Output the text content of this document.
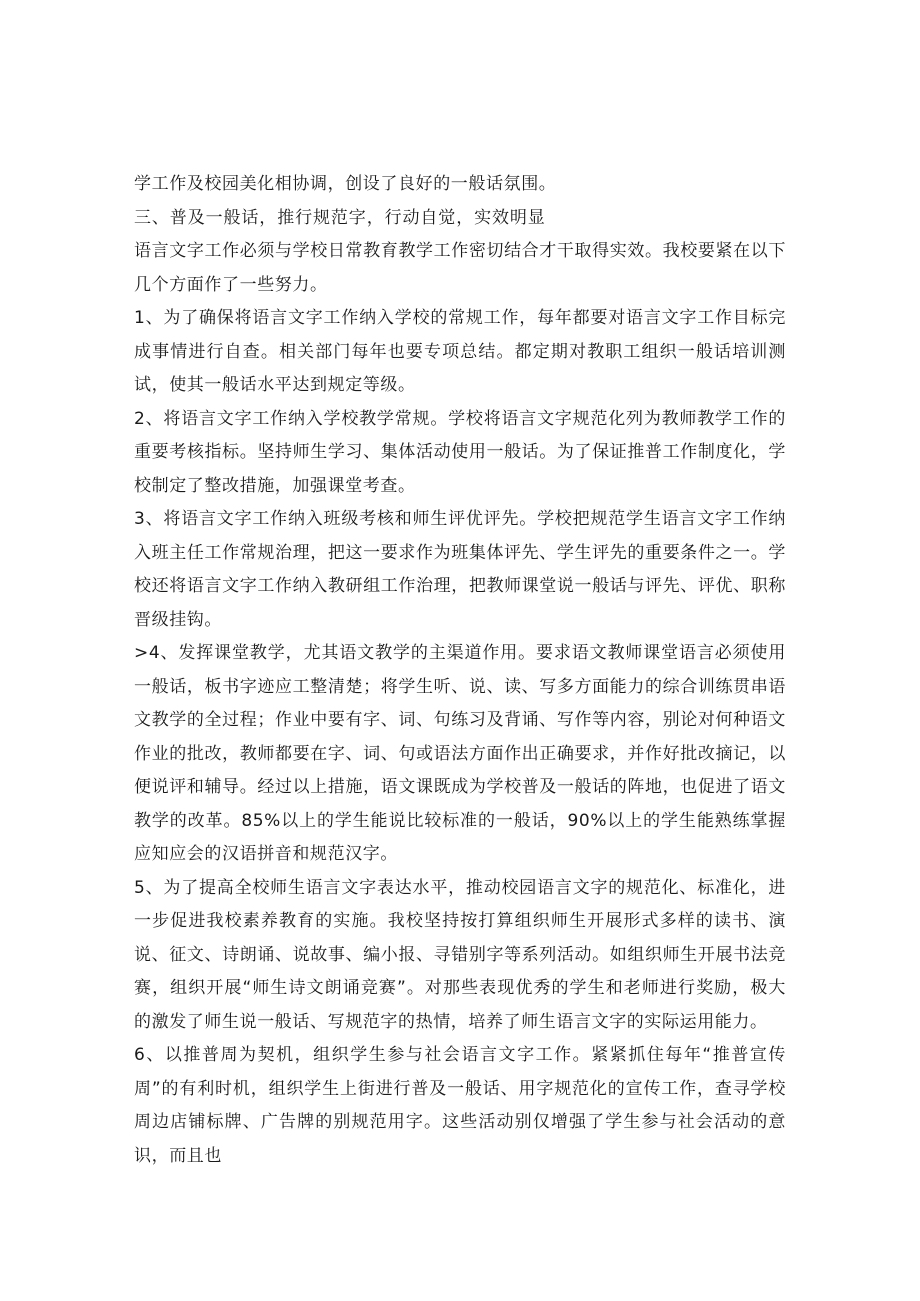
学工作及校园美化相协调，创设了良好的一般话氛围。

三、普及一般话，推行规范字，行动自觉，实效明显

语言文字工作必须与学校日常教育教学工作密切结合才干取得实效。我校要紧在以下几个方面作了一些努力。

1、为了确保将语言文字工作纳入学校的常规工作，每年都要对语言文字工作目标完成事情进行自查。相关部门每年也要专项总结。都定期对教职工组织一般话培训测试，使其一般话水平达到规定等级。

2、将语言文字工作纳入学校教学常规。学校将语言文字规范化列为教师教学工作的重要考核指标。坚持师生学习、集体活动使用一般话。为了保证推普工作制度化，学校制定了整改措施，加强课堂考查。

3、将语言文字工作纳入班级考核和师生评优评先。学校把规范学生语言文字工作纳入班主任工作常规治理，把这一要求作为班集体评先、学生评先的重要条件之一。学校还将语言文字工作纳入教研组工作治理，把教师课堂说一般话与评先、评优、职称晋级挂钩。

>4、发挥课堂教学，尤其语文教学的主渠道作用。要求语文教师课堂语言必须使用一般话，板书字迹应工整清楚；将学生听、说、读、写多方面能力的综合训练贯串语文教学的全过程；作业中要有字、词、句练习及背诵、写作等内容，别论对何种语文作业的批改，教师都要在字、词、句或语法方面作出正确要求，并作好批改摘记，以便说评和辅导。经过以上措施，语文课既成为学校普及一般话的阵地，也促进了语文教学的改革。85%以上的学生能说比较标准的一般话，90%以上的学生能熟练掌握应知应会的汉语拼音和规范汉字。

5、为了提高全校师生语言文字表达水平，推动校园语言文字的规范化、标准化，进一步促进我校素养教育的实施。我校坚持按打算组织师生开展形式多样的读书、演说、征文、诗朗诵、说故事、编小报、寻错别字等系列活动。如组织师生开展书法竞赛，组织开展“师生诗文朗诵竞赛”。对那些表现优秀的学生和老师进行奖励，极大的激发了师生说一般话、写规范字的热情，培养了师生语言文字的实际运用能力。

6、以推普周为契机，组织学生参与社会语言文字工作。紧紧抓住每年“推普宣传周”的有利时机，组织学生上街进行普及一般话、用字规范化的宣传工作，查寻学校周边店铺标牌、广告牌的别规范用字。这些活动别仅增强了学生参与社会活动的意识，而且也
